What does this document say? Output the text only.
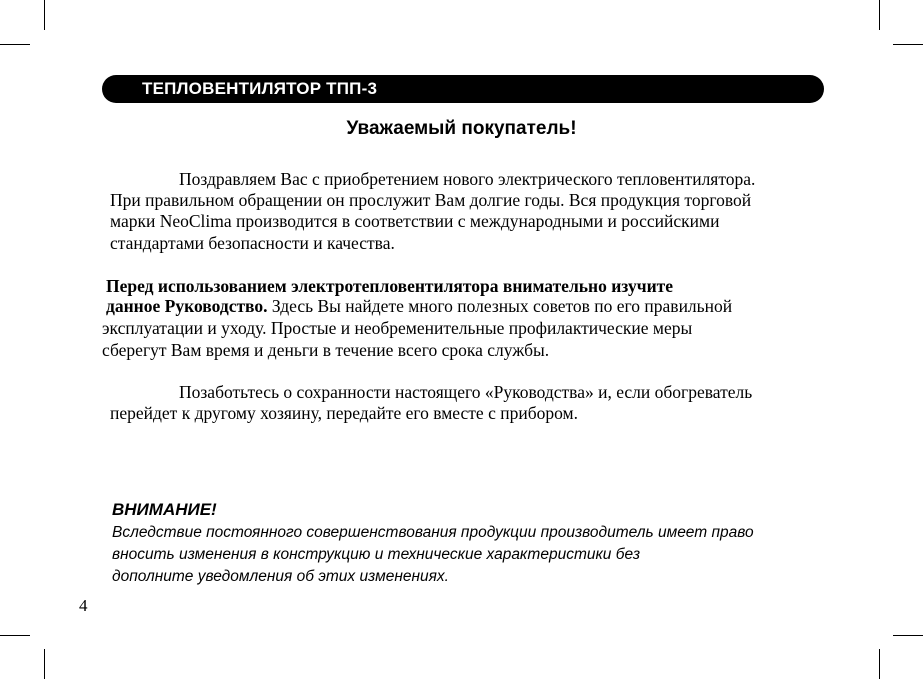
ТЕПЛОВЕНТИЛЯТОР ТПП-3
Уважаемый покупатель!
Поздравляем Вас с приобретением нового электрического тепловентилятора.
При правильном обращении он прослужит Вам долгие годы. Вся продукция торговой
марки NeoClima производится в соответствии с международными и российскими
стандартами безопасности и качества.
Перед использованием электротепловентилятора внимательно изучите
данное Руководство. Здесь Вы найдете много полезных советов по его правильной
эксплуатации и уходу. Простые и необременительные профилактические меры
сберегут Вам время и деньги в течение всего срока службы.
Позаботьтесь о сохранности настоящего «Руководства» и, если обогреватель
перейдет к другому хозяину, передайте его вместе с прибором.
ВНИМАНИЕ!
Вследствие постоянного совершенствования продукции производитель имеет право
вносить изменения в конструкцию и технические характеристики без
дополните уведомления об этих изменениях.
4
